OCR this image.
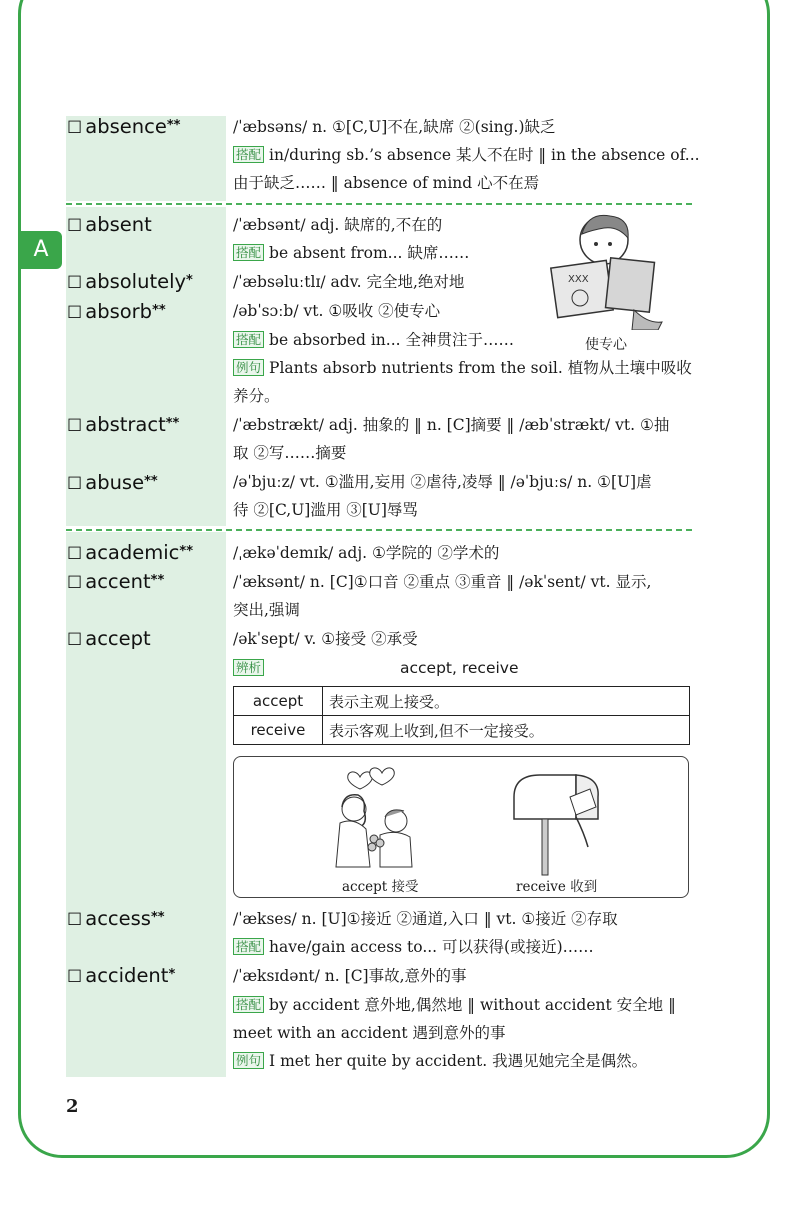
A
☐ absence**	/ˈæbsəns/ n. ①[C,U]不在,缺席 ②(sing.)缺乏
搭配 in/during sb.’s absence 某人不在时 ‖ in the absence of...
由于缺乏…… ‖ absence of mind 心不在焉
☐ absent	/ˈæbsənt/ adj. 缺席的,不在的
搭配 be absent from... 缺席……
☐ absolutely*	/ˈæbsəluːtlɪ/ adv. 完全地,绝对地
☐ absorb**	/əbˈsɔːb/ vt. ①吸收 ②使专心
搭配 be absorbed in... 全神贯注于……
例句 Plants absorb nutrients from the soil. 植物从土壤中吸收
养分。
XXX
使专心
☐ abstract**	/ˈæbstrækt/ adj. 抽象的 ‖ n. [C]摘要 ‖ /æbˈstrækt/ vt. ①抽
取 ②写……摘要
☐ abuse**	/əˈbjuːz/ vt. ①滥用,妄用 ②虐待,凌辱 ‖ /əˈbjuːs/ n. ①[U]虐
待 ②[C,U]滥用 ③[U]辱骂
☐ academic**	/ˌækəˈdemɪk/ adj. ①学院的 ②学术的
☐ accent**	/ˈæksənt/ n. [C]①口音 ②重点 ③重音 ‖ /əkˈsent/ vt. 显示,
突出,强调
☐ accept	/əkˈsept/ v. ①接受 ②承受
辨析	accept, receive
accept	表示主观上接受。
receive	表示客观上收到,但不一定接受。
accept 接受	receive 收到
☐ access**	/ˈækses/ n. [U]①接近 ②通道,入口 ‖ vt. ①接近 ②存取
搭配 have/gain access to... 可以获得(或接近)……
☐ accident*	/ˈæksɪdənt/ n. [C]事故,意外的事
搭配 by accident 意外地,偶然地 ‖ without accident 安全地 ‖
meet with an accident 遇到意外的事
例句 I met her quite by accident. 我遇见她完全是偶然。
2
